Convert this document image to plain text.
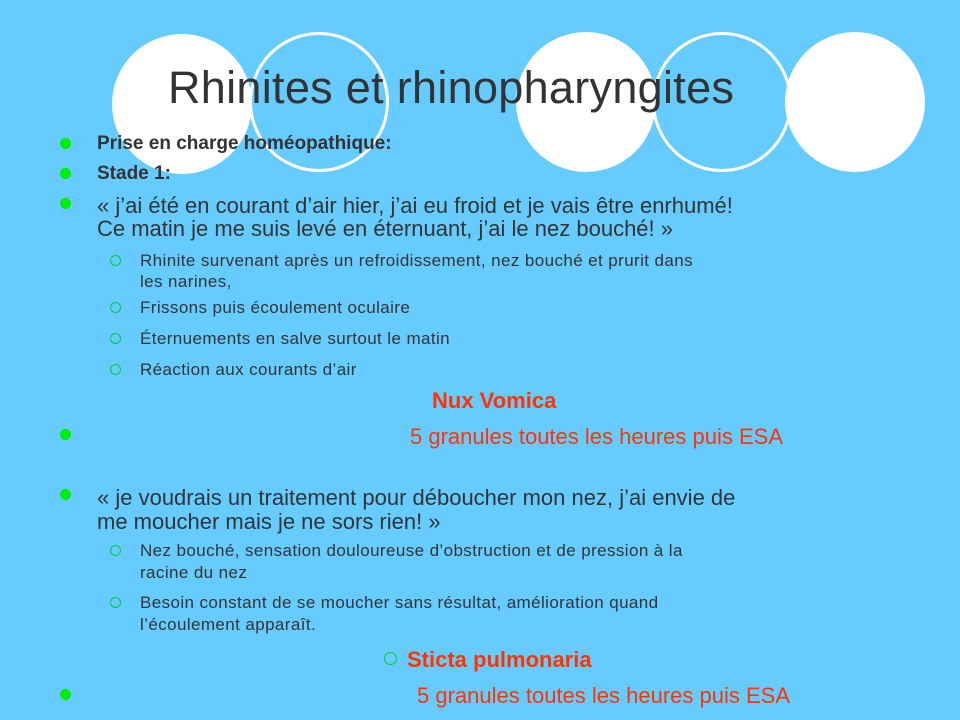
Rhinites et rhinopharyngites
Prise en charge homéopathique:
Stade 1:
« j’ai été en courant d’air hier, j’ai eu froid et je vais être enrhumé!
Ce matin je me suis levé en éternuant, j’ai le nez bouché! »
Rhinite survenant après un refroidissement, nez bouché et prurit dans
les narines,
Frissons puis écoulement oculaire
Éternuements en salve surtout le matin
Réaction aux courants d’air
Nux Vomica
5 granules toutes les heures puis ESA
« je voudrais un traitement pour déboucher mon nez, j’ai envie de
me moucher mais je ne sors rien! »
Nez bouché, sensation douloureuse d’obstruction et de pression à la
racine du nez
Besoin constant de se moucher sans résultat, amélioration quand
l’écoulement apparaît.
Sticta pulmonaria
5 granules toutes les heures puis ESA
